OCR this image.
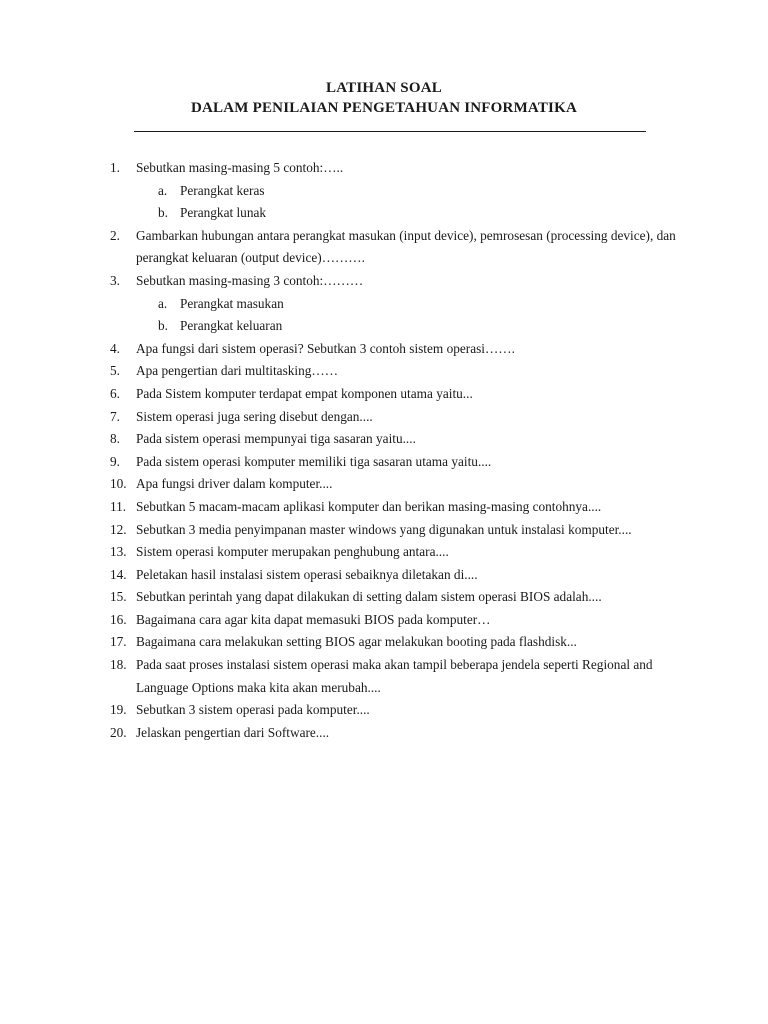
LATIHAN SOAL
DALAM PENILAIAN PENGETAHUAN INFORMATIKA
1.	Sebutkan masing-masing 5 contoh:…..
a. Perangkat keras
b. Perangkat lunak
2.	Gambarkan hubungan antara perangkat masukan (input device), pemrosesan (processing device), dan perangkat keluaran (output device)……….
3.	Sebutkan masing-masing 3 contoh:………
a. Perangkat masukan
b. Perangkat keluaran
4.	Apa fungsi dari sistem operasi? Sebutkan 3 contoh sistem operasi…….
5.	Apa pengertian dari multitasking……
6.	Pada Sistem komputer terdapat empat komponen utama yaitu...
7.	Sistem operasi juga sering disebut dengan....
8.	Pada sistem operasi mempunyai tiga sasaran yaitu....
9.	Pada sistem operasi komputer memiliki tiga sasaran utama yaitu....
10. Apa fungsi driver dalam komputer....
11. Sebutkan 5 macam-macam aplikasi komputer dan berikan masing-masing contohnya....
12. Sebutkan 3 media penyimpanan master windows yang digunakan untuk instalasi komputer....
13. Sistem operasi komputer merupakan penghubung antara....
14. Peletakan hasil instalasi sistem operasi sebaiknya diletakan di....
15. Sebutkan perintah yang dapat dilakukan di setting dalam sistem operasi BIOS adalah....
16. Bagaimana cara agar kita dapat memasuki BIOS pada komputer…
17. Bagaimana cara melakukan setting BIOS agar melakukan booting pada flashdisk...
18. Pada saat proses instalasi sistem operasi maka akan tampil beberapa jendela seperti Regional and Language Options maka kita akan merubah....
19. Sebutkan 3 sistem operasi pada komputer....
20. Jelaskan pengertian dari Software....
